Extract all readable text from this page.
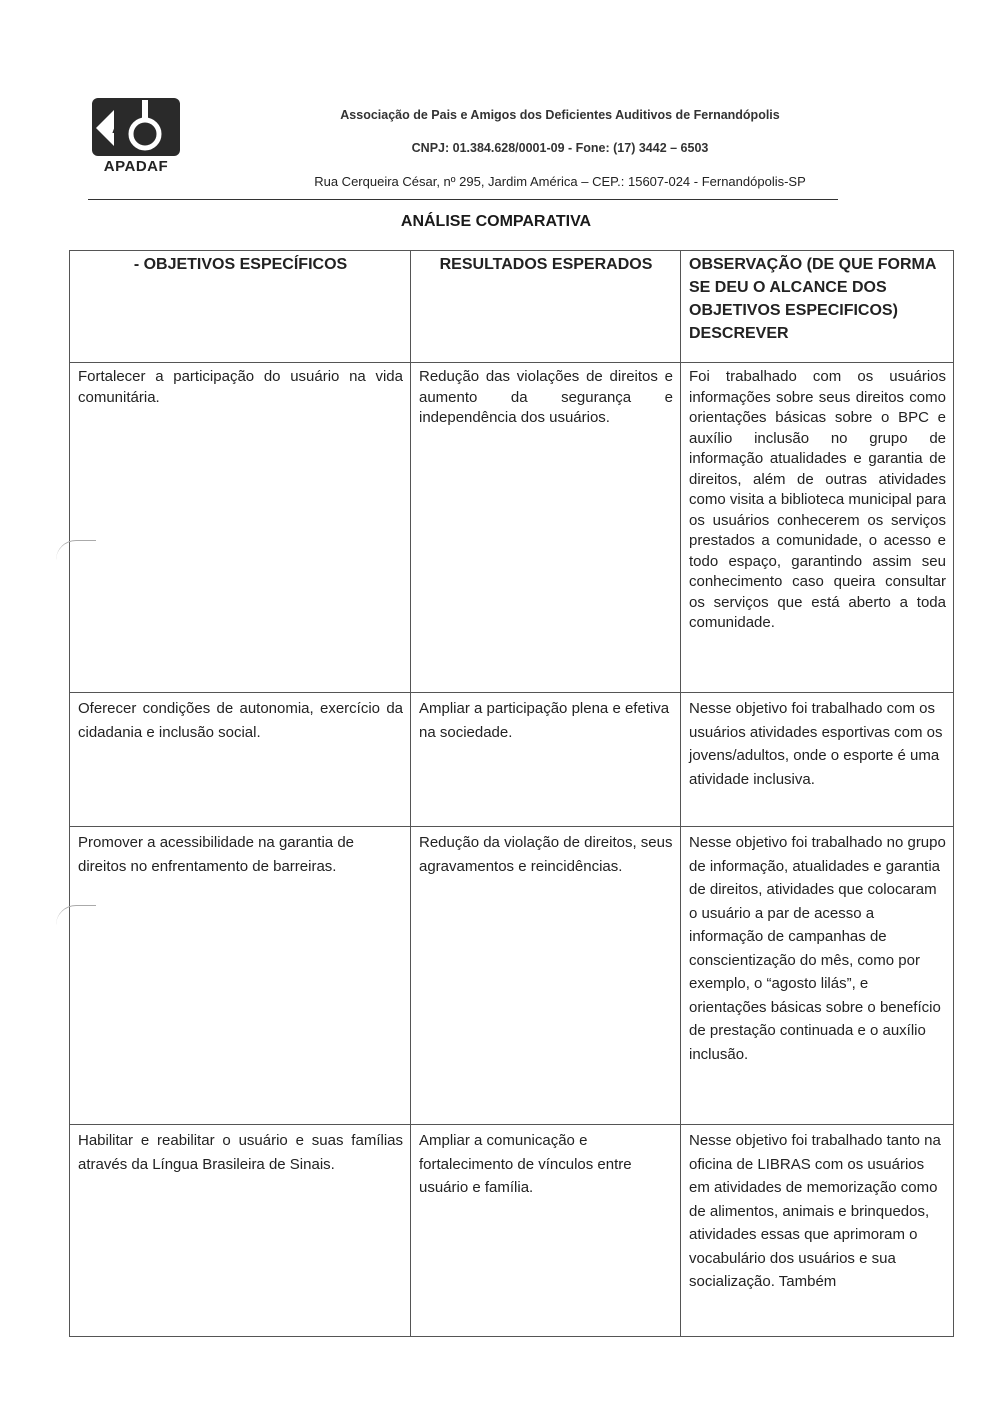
A
APADAF
Associação de Pais e Amigos dos Deficientes Auditivos de Fernandópolis
CNPJ: 01.384.628/0001-09 - Fone: (17) 3442 – 6503
Rua Cerqueira César, nº 295, Jardim América – CEP.: 15607-024 - Fernandópolis-SP
ANÁLISE COMPARATIVA
- OBJETIVOS ESPECÍFICOS	RESULTADOS ESPERADOS	OBSERVAÇÃO (DE QUE FORMA SE DEU O ALCANCE DOS OBJETIVOS ESPECIFICOS) DESCREVER
Fortalecer a participação do usuário na vida comunitária.	Redução das violações de direitos e aumento da segurança e independência dos usuários.	Foi trabalhado com os usuários informações sobre seus direitos como orientações básicas sobre o BPC e auxílio inclusão no grupo de informação atualidades e garantia de direitos, além de outras atividades como visita a biblioteca municipal para os usuários conhecerem os serviços prestados a comunidade, o acesso e todo espaço, garantindo assim seu conhecimento caso queira consultar os serviços que está aberto a toda comunidade.
Oferecer condições de autonomia, exercício da cidadania e inclusão social.	Ampliar a participação plena e efetiva na sociedade.	Nesse objetivo foi trabalhado com os usuários atividades esportivas com os jovens/adultos, onde o esporte é uma atividade inclusiva.
Promover a acessibilidade na garantia de direitos no enfrentamento de barreiras.	Redução da violação de direitos, seus agravamentos e reincidências.	Nesse objetivo foi trabalhado no grupo de informação, atualidades e garantia de direitos, atividades que colocaram o usuário a par de acesso a informação de campanhas de conscientização do mês, como por exemplo, o “agosto lilás”, e orientações básicas sobre o benefício de prestação continuada e o auxílio inclusão.
Habilitar e reabilitar o usuário e suas famílias através da Língua Brasileira de Sinais.	Ampliar a comunicação e fortalecimento de vínculos entre usuário e família.	Nesse objetivo foi trabalhado tanto na oficina de LIBRAS com os usuários em atividades de memorização como de alimentos, animais e brinquedos, atividades essas que aprimoram o vocabulário dos usuários e sua socialização. Também
